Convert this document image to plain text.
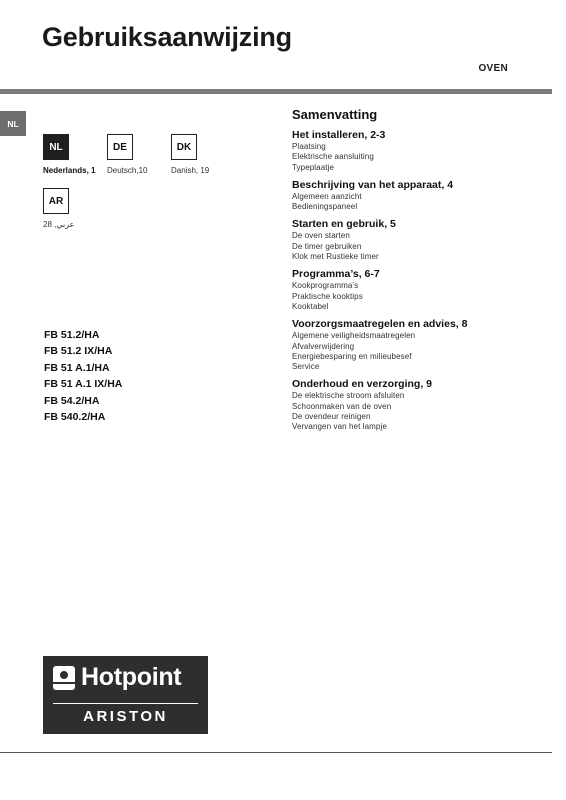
Gebruiksaanwijzing
OVEN
NL
NL
Nederlands, 1
DE
Deutsch,10
DK
Danish, 19
AR
عربي, 28
FB 51.2/HA
FB 51.2 IX/HA
FB 51 A.1/HA
FB 51 A.1 IX/HA
FB 54.2/HA
FB 540.2/HA
Samenvatting
Het installeren, 2-3
Plaatsing
Elektrische aansluiting
Typeplaatje
Beschrijving van het apparaat, 4
Algemeen aanzicht
Bedieningspaneel
Starten en gebruik, 5
De oven starten
De timer gebruiken
Klok met Rustieke timer
Programma’s, 6-7
Kookprogramma’s
Praktische kooktips
Kooktabel
Voorzorgsmaatregelen en advies, 8
Algemene veiligheidsmaatregelen
Afvalverwijdering
Energiebesparing en milieubesef
Service
Onderhoud en verzorging, 9
De elektrische stroom afsluiten
Schoonmaken van de oven
De ovendeur reinigen
Vervangen van het lampje
Hotpoint
ARISTON
